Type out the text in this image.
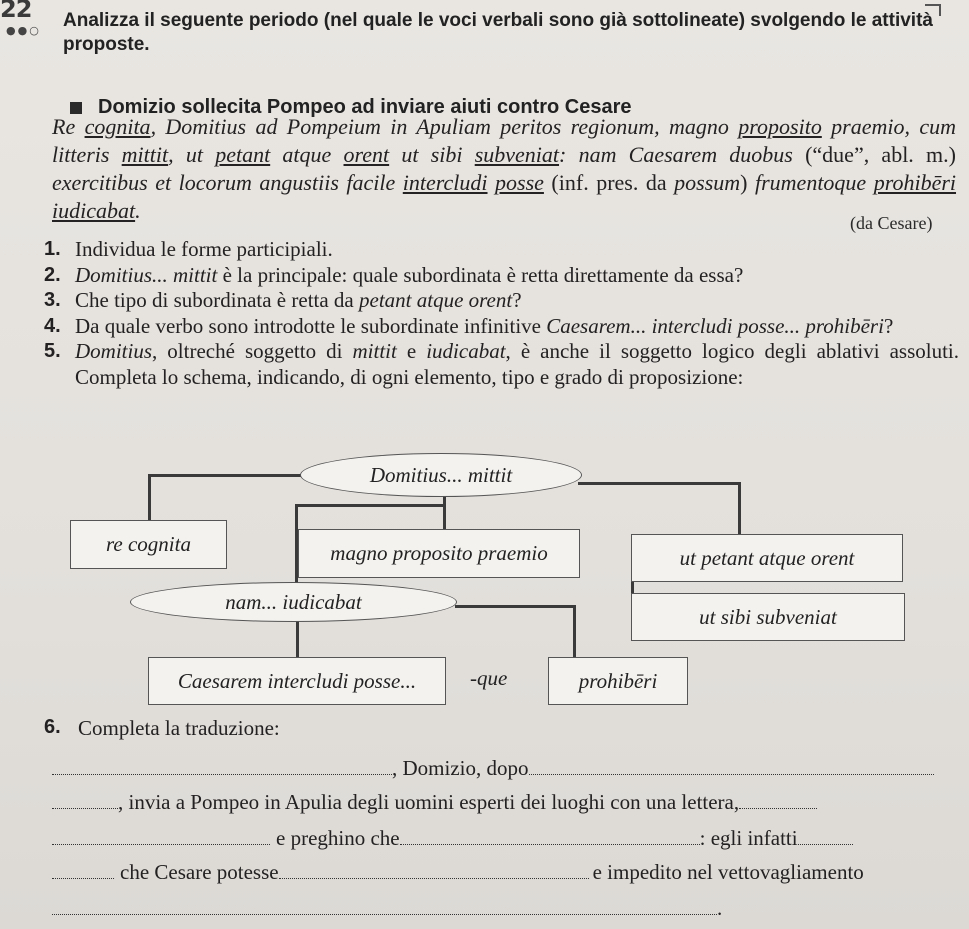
22
●●○ Analizza il seguente periodo (nel quale le voci verbali sono già sottolineate) svolgendo le attività proposte.
Domizio sollecita Pompeo ad inviare aiuti contro Cesare
Re cognita, Domitius ad Pompeium in Apuliam peritos regionum, magno proposito praemio, cum litteris mittit, ut petant atque orent ut sibi subveniat: nam Caesarem duobus (“due”, abl. m.) exercitibus et locorum angustiis facile intercludi posse (inf. pres. da possum) frumentoque prohibēri iudicabat.	(da Cesare)
1. Individua le forme participiali.
2. Domitius... mittit è la principale: quale subordinata è retta direttamente da essa?
3. Che tipo di subordinata è retta da petant atque orent?
4. Da quale verbo sono introdotte le subordinate infinitive Caesarem... intercludi posse... prohibēri?
5. Domitius, oltreché soggetto di mittit e iudicabat, è anche il soggetto logico degli ablativi assoluti. Completa lo schema, indicando, di ogni elemento, tipo e grado di proposizione:
Domitius... mittit
re cognita	magno proposito praemio	ut petant atque orent
nam... iudicabat
ut sibi subveniat
Caesarem intercludi posse...	-que	prohibēri
6. Completa la traduzione:
, Domizio, dopo
, invia a Pompeo in Apulia degli uomini esperti dei luoghi con una lettera,
e preghino che	: egli infatti
che Cesare potesse	e impedito nel vettovagliamento
.
